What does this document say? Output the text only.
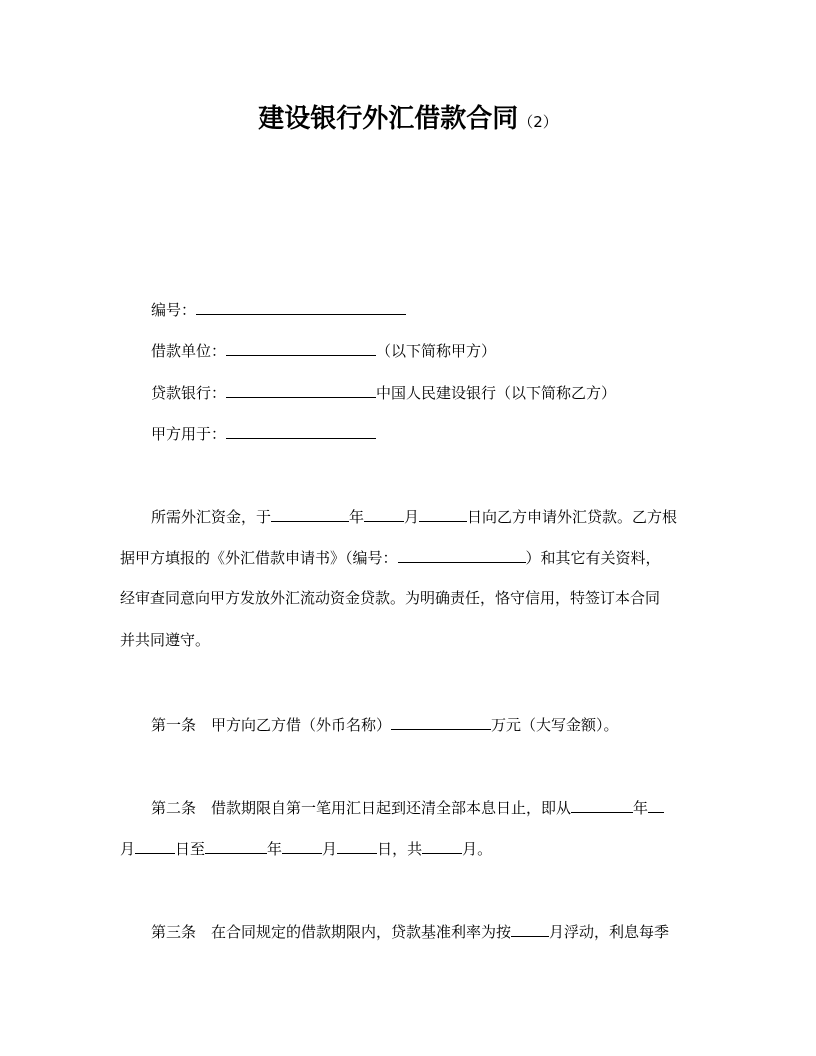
建设银行外汇借款合同（2）
编号：
借款单位：	（以下简称甲方）
贷款银行：	中国人民建设银行（以下简称乙方）
甲方用于：
所需外汇资金，于	年	月	日向乙方申请外汇贷款。乙方根
据甲方填报的《外汇借款申请书》（编号：	）和其它有关资料，
经审查同意向甲方发放外汇流动资金贷款。为明确责任，恪守信用，特签订本合同
并共同遵守。
第一条 甲方向乙方借（外币名称）	万元（大写金额）。
第二条 借款期限自第一笔用汇日起到还清全部本息日止，即从	年
月	日至	年	月	日，共	月。
第三条 在合同规定的借款期限内，贷款基准利率为按	月浮动，利息每季
